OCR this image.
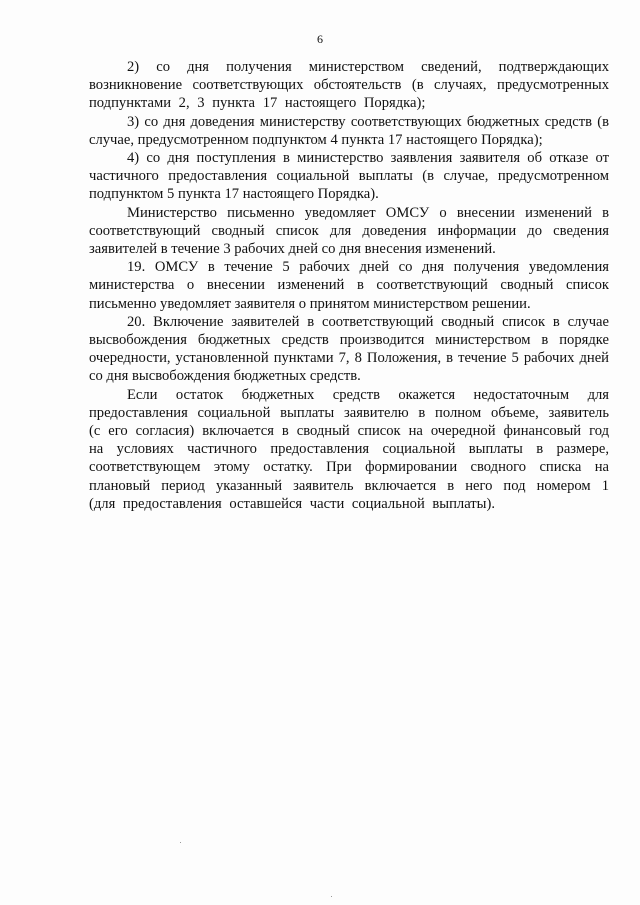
6

2) со дня получения министерством сведений, подтверждающих возникновение соответствующих обстоятельств (в случаях, предусмотренных подпунктами 2, 3 пункта 17 настоящего Порядка);

3) со дня доведения министерству соответствующих бюджетных средств (в случае, предусмотренном подпунктом 4 пункта 17 настоящего Порядка);

4) со дня поступления в министерство заявления заявителя об отказе от частичного предоставления социальной выплаты (в случае, предусмотренном подпунктом 5 пункта 17 настоящего Порядка).

Министерство письменно уведомляет ОМСУ о внесении изменений в соответствующий сводный список для доведения информации до сведения заявителей в течение 3 рабочих дней со дня внесения изменений.

19. ОМСУ в течение 5 рабочих дней со дня получения уведомления министерства о внесении изменений в соответствующий сводный список письменно уведомляет заявителя о принятом министерством решении.

20. Включение заявителей в соответствующий сводный список в случае высвобождения бюджетных средств производится министерством в порядке очередности, установленной пунктами 7, 8 Положения, в течение 5 рабочих дней со дня высвобождения бюджетных средств.

Если остаток бюджетных средств окажется недостаточным для предоставления социальной выплаты заявителю в полном объеме, заявитель (с его согласия) включается в сводный список на очередной финансовый год на условиях частичного предоставления социальной выплаты в размере, соответствующем этому остатку. При формировании сводного списка на плановый период указанный заявитель включается в него под номером 1 (для предоставления оставшейся части социальной выплаты).
